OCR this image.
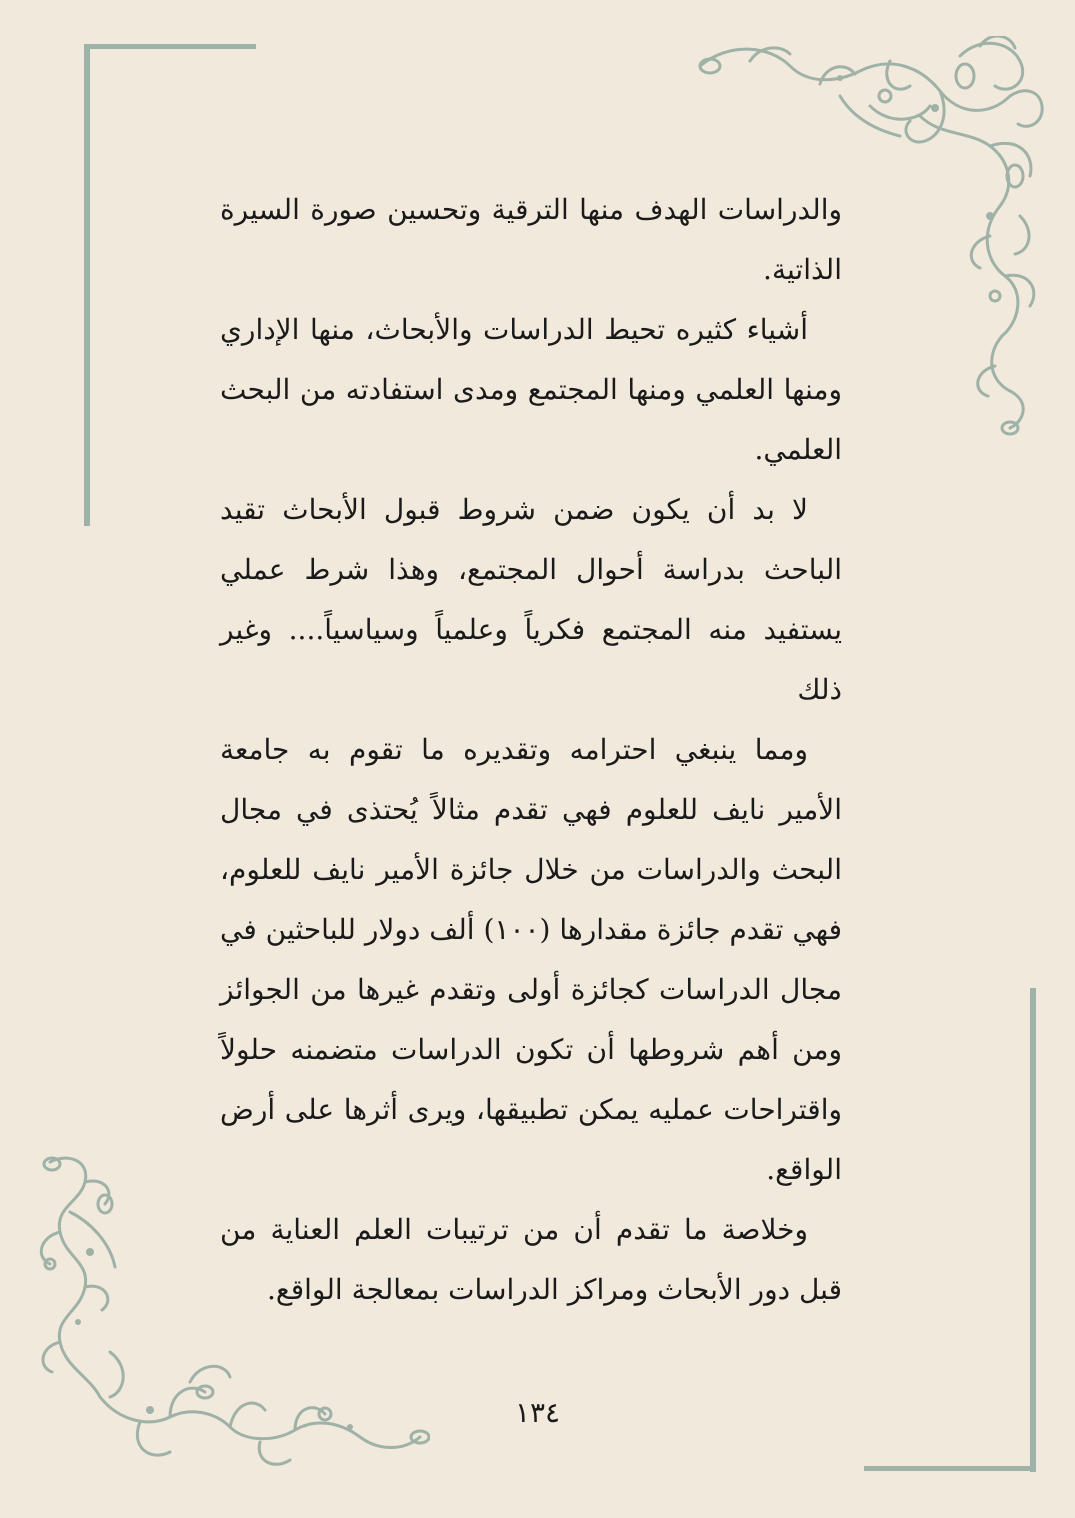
والدراسات الهدف منها الترقية وتحسين صورة السيرة الذاتية.

أشياء كثيره تحيط الدراسات والأبحاث، منها الإداري ومنها العلمي ومنها المجتمع ومدى استفادته من البحث العلمي.

لا بد أن يكون ضمن شروط قبول الأبحاث تقيد الباحث بدراسة أحوال المجتمع، وهذا شرط عملي يستفيد منه المجتمع فكرياً وعلمياً وسياسياً.... وغير ذلك

ومما ينبغي احترامه وتقديره ما تقوم به جامعة الأمير نايف للعلوم فهي تقدم مثالاً يُحتذى في مجال البحث والدراسات من خلال جائزة الأمير نايف للعلوم، فهي تقدم جائزة مقدارها (١٠٠) ألف دولار للباحثين في مجال الدراسات كجائزة أولى وتقدم غيرها من الجوائز ومن أهم شروطها أن تكون الدراسات متضمنه حلولاً واقتراحات عمليه يمكن تطبيقها، ويرى أثرها على أرض الواقع.

وخلاصة ما تقدم أن من ترتيبات العلم العناية من قبل دور الأبحاث ومراكز الدراسات بمعالجة الواقع.

١٣٤
